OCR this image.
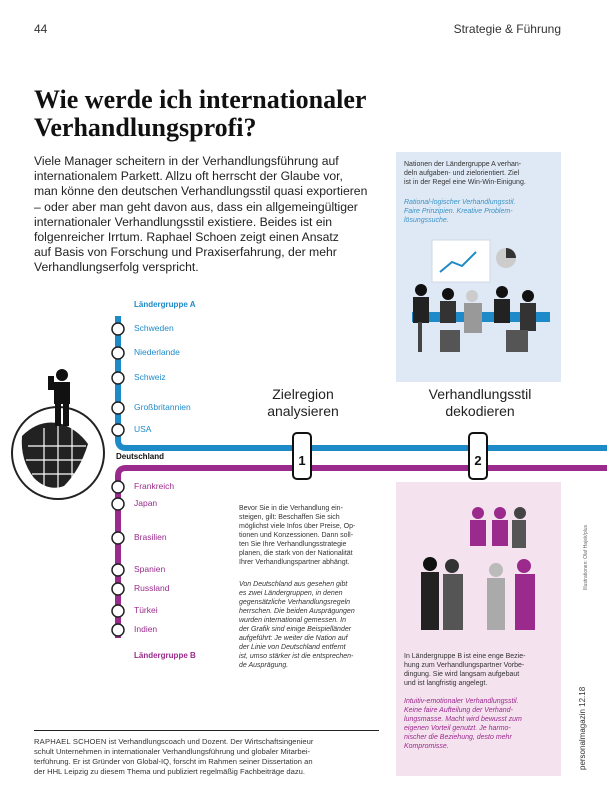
44	Strategie & Führung
Wie werde ich internationaler
Verhandlungsprofi?

Viele Manager scheitern in der Verhandlungsführung auf
internationalem Parkett. Allzu oft herrscht der Glaube vor,
man könne den deutschen Verhandlungsstil quasi exportieren
– oder aber man geht davon aus, dass ein allgemeingültiger
internationaler Verhandlungsstil existiere. Beides ist ein
folgenreicher Irrtum. Raphael Schoen zeigt einen Ansatz
auf Basis von Forschung und Praxiserfahrung, der mehr
Verhandlungserfolg verspricht.

Nationen der Ländergruppe A verhan-
deln aufgaben- und zielorientiert. Ziel
ist in der Regel eine Win-Win-Einigung.
Rational-logischer Verhandlungsstil.
Faire Prinzipien. Kreative Problem-
lösungssuche.
In Ländergruppe B ist eine enge Bezie-
hung zum Verhandlungspartner Vorbe-
dingung. Sie wird langsam aufgebaut
und ist langfristig angelegt.
Intuitiv-emotionaler Verhandlungsstil.
Keine faire Aufteilung der Verhand-
lungsmasse. Macht wird bewusst zum
eigenen Vorteil genutzt. Je harmo-
nischer die Beziehung, desto mehr
Kompromisse.
1	2
Ländergruppe A
Ländergruppe B
Schweden
Niederlande
Schweiz
Großbritannien
USA
Deutschland
Frankreich
Japan
Brasilien
Spanien
Russland
Türkei
Indien
Zielregion
analysieren
Verhandlungsstil
dekodieren
Bevor Sie in die Verhandlung ein-
steigen, gilt: Beschaffen Sie sich
möglichst viele Infos über Preise, Op-
tionen und Konzessionen. Dann soll-
ten Sie Ihre Verhandlungsstrategie
planen, die stark von der Nationalität
Ihrer Verhandlungspartner abhängt.
Von Deutschland aus gesehen gibt
es zwei Ländergruppen, in denen
gegensätzliche Verhandlungsregeln
herrschen. Die beiden Ausprägungen
wurden international gemessen. In
der Grafik sind einige Beispielländer
aufgeführt: Je weiter die Nation auf
der Linie von Deutschland entfernt
ist, umso stärker ist die entsprechen-
de Ausprägung.
RAPHAEL SCHOEN ist Verhandlungscoach und Dozent. Der Wirtschaftsingenieur
schult Unternehmen in internationaler Verhandlungsführung und globaler Mitarbei-
terführung. Er ist Gründer von Global-IQ, forscht im Rahmen seiner Dissertation an
der HHL Leipzig zu diesem Thema und publiziert regelmäßig Fachbeiträge dazu.
Illustrationen: Olaf Hajek/plus
personalmagazin 12.18
